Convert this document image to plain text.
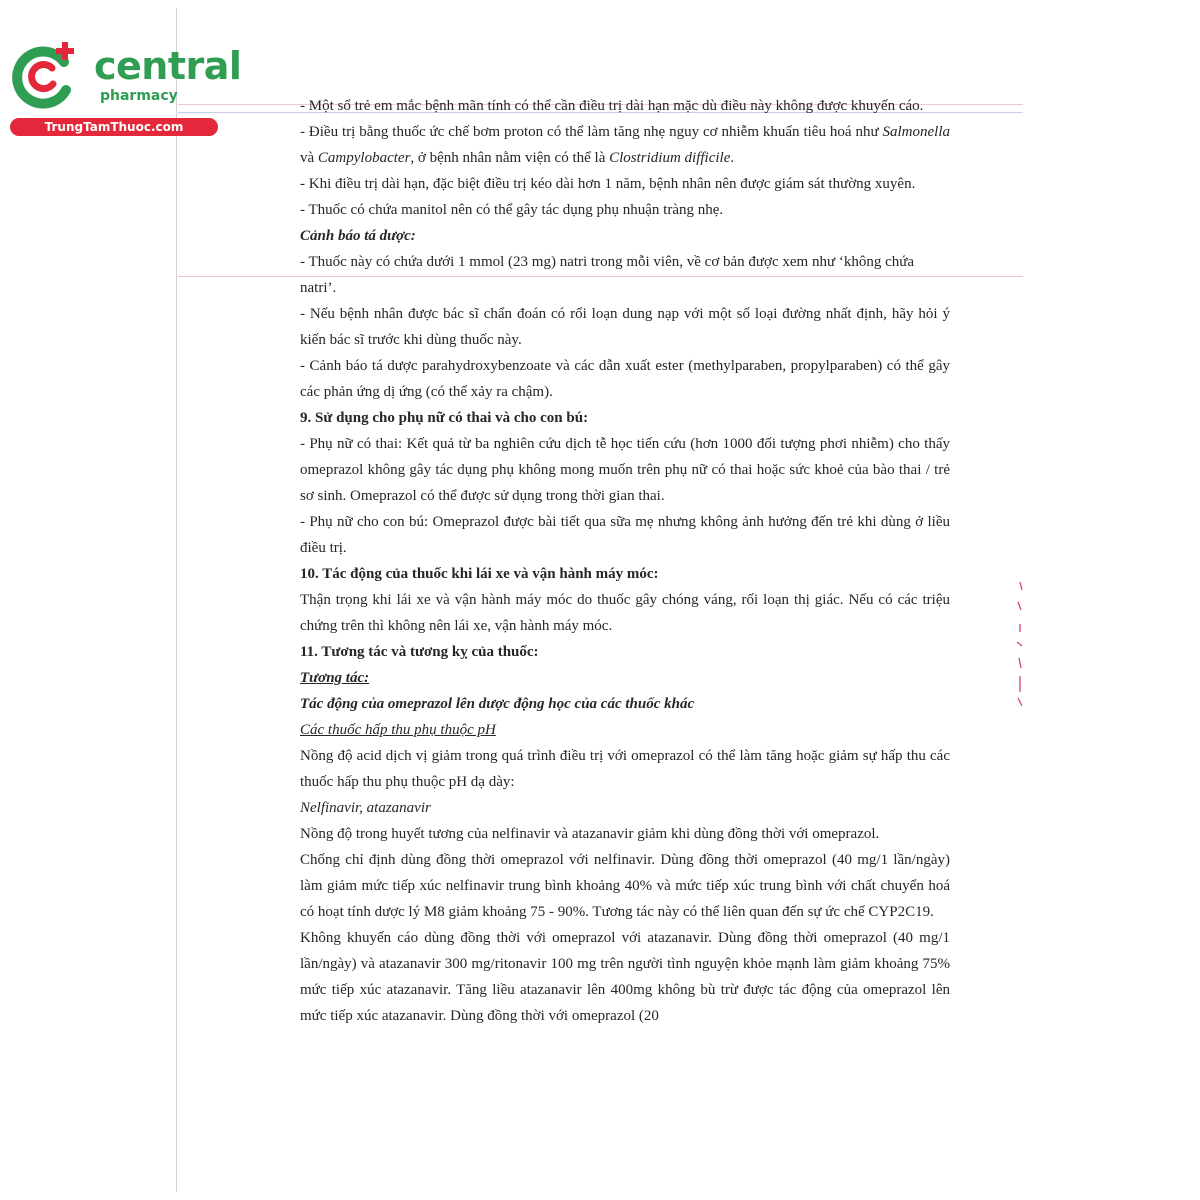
central
pharmacy
TrungTamThuoc.com

- Một số trẻ em mắc bệnh mãn tính có thể cần điều trị dài hạn mặc dù điều này không được khuyến cáo.

- Điều trị bằng thuốc ức chế bơm proton có thể làm tăng nhẹ nguy cơ nhiễm khuẩn tiêu hoá như Salmonella và Campylobacter, ở bệnh nhân nằm viện có thể là Clostridium difficile.

- Khi điều trị dài hạn, đặc biệt điều trị kéo dài hơn 1 năm, bệnh nhân nên được giám sát thường xuyên.

- Thuốc có chứa manitol nên có thể gây tác dụng phụ nhuận tràng nhẹ.

Cảnh báo tá dược:

- Thuốc này có chứa dưới 1 mmol (23 mg) natri trong mỗi viên, về cơ bản được xem như ‘không chứa natri’.

- Nếu bệnh nhân được bác sĩ chẩn đoán có rối loạn dung nạp với một số loại đường nhất định, hãy hỏi ý kiến bác sĩ trước khi dùng thuốc này.

- Cảnh báo tá dược parahydroxybenzoate và các dẫn xuất ester (methylparaben, propylparaben) có thể gây các phản ứng dị ứng (có thể xảy ra chậm).

9. Sử dụng cho phụ nữ có thai và cho con bú:

- Phụ nữ có thai: Kết quả từ ba nghiên cứu dịch tễ học tiến cứu (hơn 1000 đối tượng phơi nhiễm) cho thấy omeprazol không gây tác dụng phụ không mong muốn trên phụ nữ có thai hoặc sức khoẻ của bào thai / trẻ sơ sinh. Omeprazol có thể được sử dụng trong thời gian thai.

- Phụ nữ cho con bú: Omeprazol được bài tiết qua sữa mẹ nhưng không ảnh hưởng đến trẻ khi dùng ở liều điều trị.

10. Tác động của thuốc khi lái xe và vận hành máy móc:

Thận trọng khi lái xe và vận hành máy móc do thuốc gây chóng váng, rối loạn thị giác. Nếu có các triệu chứng trên thì không nên lái xe, vận hành máy móc.

11. Tương tác và tương kỵ của thuốc:

Tương tác:

Tác động của omeprazol lên dược động học của các thuốc khác

Các thuốc hấp thu phụ thuộc pH

Nồng độ acid dịch vị giảm trong quá trình điều trị với omeprazol có thể làm tăng hoặc giảm sự hấp thu các thuốc hấp thu phụ thuộc pH dạ dày:

Nelfinavir, atazanavir

Nồng độ trong huyết tương của nelfinavir và atazanavir giảm khi dùng đồng thời với omeprazol.

Chống chỉ định dùng đồng thời omeprazol với nelfinavir. Dùng đồng thời omeprazol (40 mg/1 lần/ngày) làm giảm mức tiếp xúc nelfinavir trung bình khoảng 40% và mức tiếp xúc trung bình với chất chuyển hoá có hoạt tính dược lý M8 giảm khoảng 75 - 90%. Tương tác này có thể liên quan đến sự ức chế CYP2C19.

Không khuyến cáo dùng đồng thời với omeprazol với atazanavir. Dùng đồng thời omeprazol (40 mg/1 lần/ngày) và atazanavir 300 mg/ritonavir 100 mg trên người tình nguyện khỏe mạnh làm giảm khoảng 75% mức tiếp xúc atazanavir. Tăng liều atazanavir lên 400mg không bù trừ được tác động của omeprazol lên mức tiếp xúc atazanavir. Dùng đồng thời với omeprazol (20
